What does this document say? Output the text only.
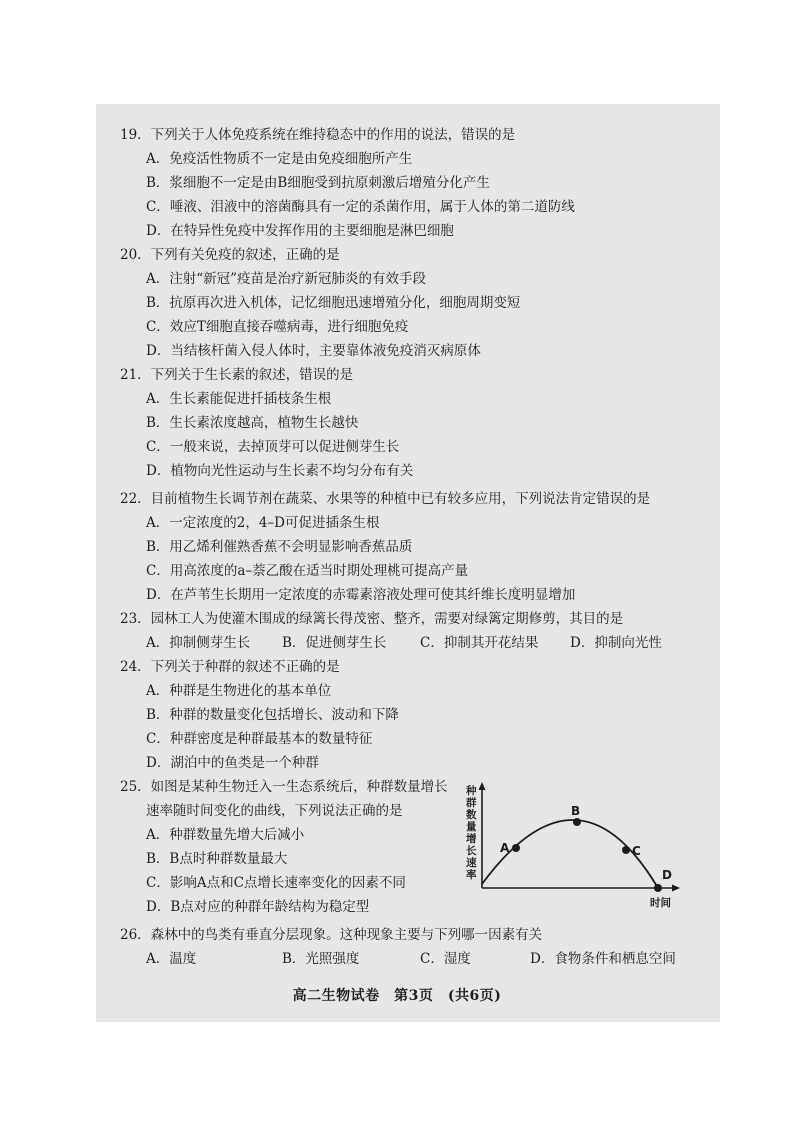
19．下列关于人体免疫系统在维持稳态中的作用的说法，错误的是
A．免疫活性物质不一定是由免疫细胞所产生
B．浆细胞不一定是由B细胞受到抗原刺激后增殖分化产生
C．唾液、泪液中的溶菌酶具有一定的杀菌作用，属于人体的第二道防线
D．在特异性免疫中发挥作用的主要细胞是淋巴细胞
20．下列有关免疫的叙述，正确的是
A．注射“新冠”疫苗是治疗新冠肺炎的有效手段
B．抗原再次进入机体，记忆细胞迅速增殖分化，细胞周期变短
C．效应T细胞直接吞噬病毒，进行细胞免疫
D．当结核杆菌入侵人体时，主要靠体液免疫消灭病原体
21．下列关于生长素的叙述，错误的是
A．生长素能促进扦插枝条生根
B．生长素浓度越高，植物生长越快
C．一般来说，去掉顶芽可以促进侧芽生长
D．植物向光性运动与生长素不均匀分布有关
22．目前植物生长调节剂在蔬菜、水果等的种植中已有较多应用，下列说法肯定错误的是
A．一定浓度的2，4–D可促进插条生根
B．用乙烯利催熟香蕉不会明显影响香蕉品质
C．用高浓度的a–萘乙酸在适当时期处理桃可提高产量
D．在芦苇生长期用一定浓度的赤霉素溶液处理可使其纤维长度明显增加
23．园林工人为使灌木围成的绿篱长得茂密、整齐，需要对绿篱定期修剪，其目的是
A．抑制侧芽生长 B．促进侧芽生长 C．抑制其开花结果 D．抑制向光性
24．下列关于种群的叙述不正确的是
A．种群是生物进化的基本单位
B．种群的数量变化包括增长、波动和下降
C．种群密度是种群最基本的数量特征
D．湖泊中的鱼类是一个种群
25．如图是某种生物迁入一生态系统后，种群数量增长
速率随时间变化的曲线，下列说法正确的是
A．种群数量先增大后减小
B．B点时种群数量最大
C．影响A点和C点增长速率变化的因素不同
D．B点对应的种群年龄结构为稳定型
种
群
数
量
增
长
速
率
A
B
C
D
时间
26．森林中的鸟类有垂直分层现象。这种现象主要与下列哪一因素有关
A．温度	B．光照强度	C．湿度	D．食物条件和栖息空间
高二生物试卷　第3页　(共6页)
